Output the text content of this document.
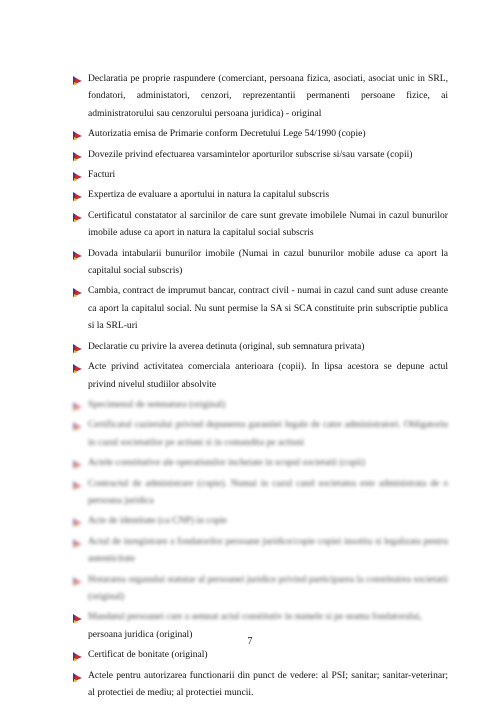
Declaratia pe proprie raspundere (comerciant, persoana fizica, asociati, asociat unic in SRL, fondatori, administatori, cenzori, reprezentantii permanenti persoane fizice, ai administratorului sau cenzorului persoana juridica) - original
Autorizatia emisa de Primarie conform Decretului Lege 54/1990 (copie)
Dovezile privind efectuarea varsamintelor aporturilor subscrise si/sau varsate (copii)
Facturi
Expertiza de evaluare a aportului in natura la capitalul subscris
Certificatul constatator al sarcinilor de care sunt grevate imobilele Numai in cazul bunurilor imobile aduse ca aport in natura la capitalul social subscris
Dovada intabularii bunurilor imobile (Numai in cazul bunurilor mobile aduse ca aport la capitalul social subscris)
Cambia, contract de imprumut bancar, contract civil - numai in cazul cand sunt aduse creante ca aport la capitalul social. Nu sunt permise la SA si SCA constituite prin subscriptie publica si la SRL-uri
Declaratie cu privire la averea detinuta (original, sub semnatura privata)
Acte privind activitatea comerciala anterioara (copii). In lipsa acestora se depune actul privind nivelul studiilor absolvite
Specimenul de semnatura (original)
Certificatul cazierului privind depunerea garantiei legale de catre administratori. Obligatoriu in cazul societatilor pe actiuni si in comandita pe actiuni
Actele constitutive ale operatiunilor incheiate in scopul societatii (copii)
Contractul de administrare (copie). Numai in cazul cand societatea este administrata de o persoana juridica
Acte de identitate (ca CNP) in copie
Actul de inregistrare a fondatorilor persoane juridice/copie copiei insotita si legalizata pentru autenticitate
Hotararea organului statutar al persoanei juridice privind participarea la constituirea societatii (original)
Mandatul persoanei care a semnat actul constitutiv in numele si pe seama fondatorului,
persoana juridica (original)
Certificat de bonitate (original)
Actele pentru autorizarea functionarii din punct de vedere: al PSI; sanitar; sanitar-veterinar; al protectiei de mediu; al protectiei muncii.
7
